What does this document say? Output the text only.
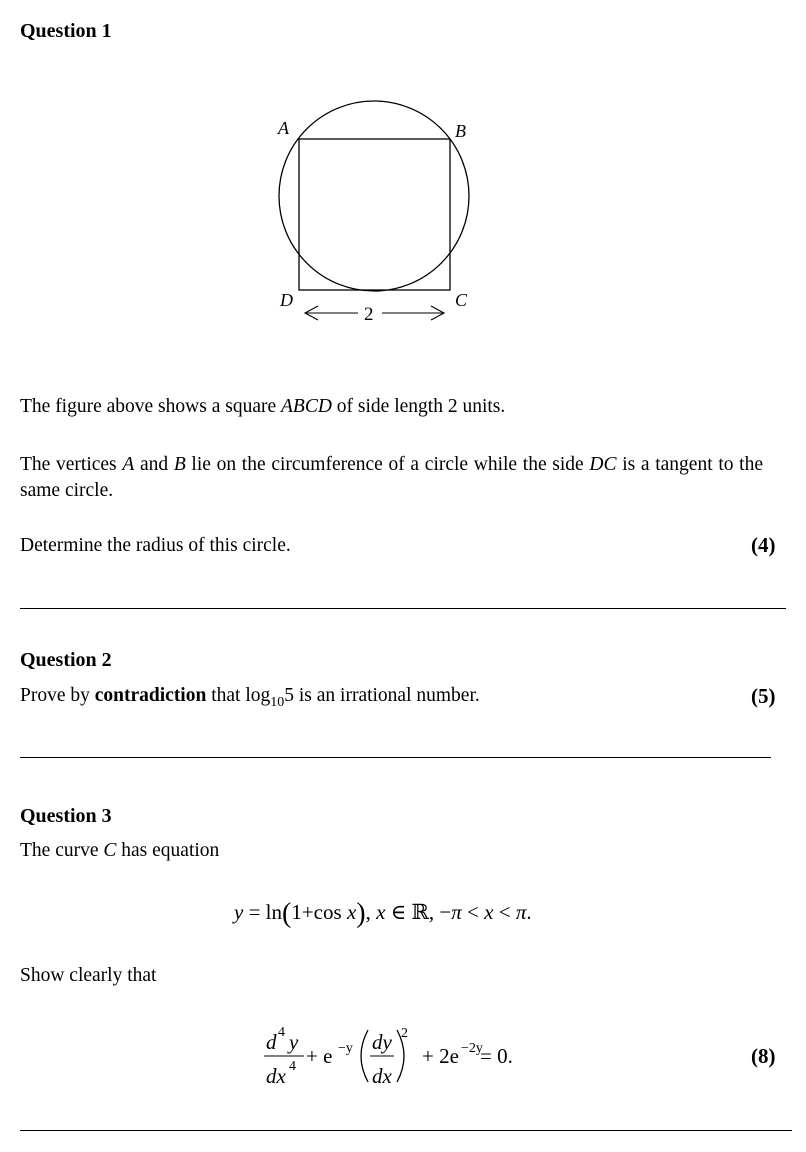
Question 1
A	B
D	C
2
The figure above shows a square ABCD of side length 2 units.
The vertices A and B lie on the circumference of a circle while the side DC is a tangent to the same circle.
Determine the radius of this circle.	(4)
Question 2
Prove by contradiction that $\log_{10}5$ is an irrational number.	(5)
Question 3
The curve C has equation
y = ln(1+cos x), x ∈ ℝ, −π < x < π.
Show clearly that
d 4 y
dx 4 + e −y dy
dx
2
+ 2e −2y
= 0.	(8)
